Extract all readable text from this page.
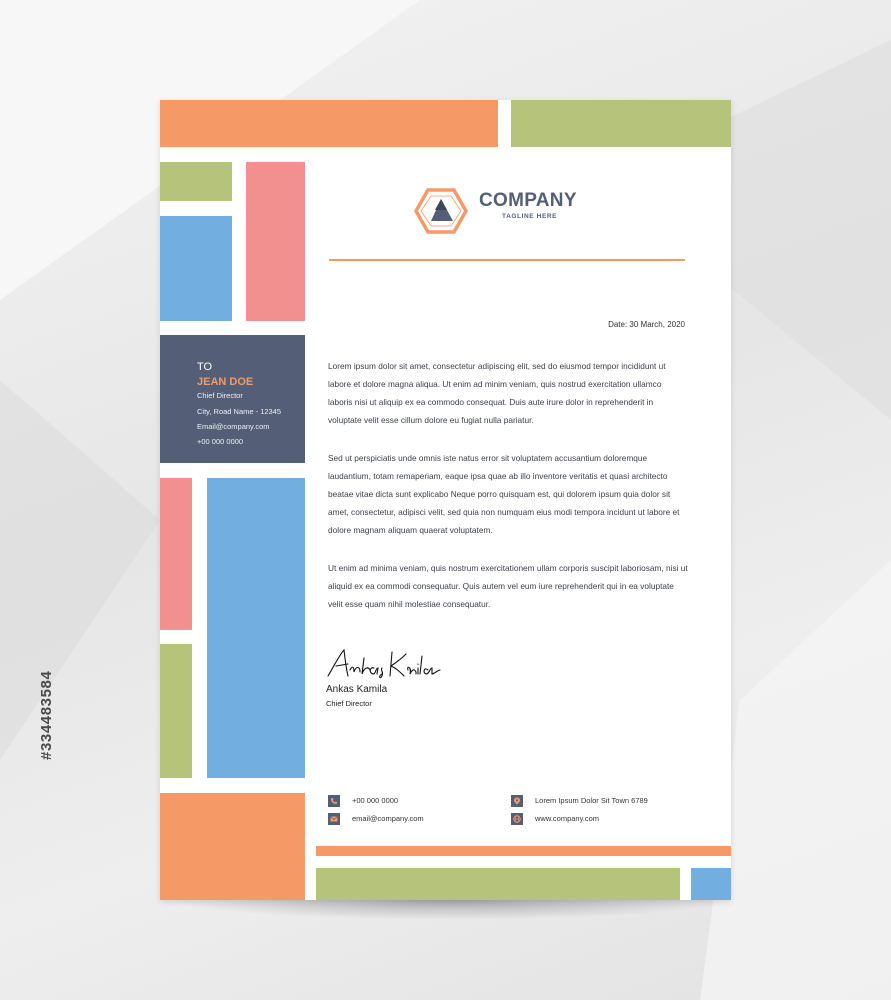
TO
JEAN DOE
Chief Director
City, Road Name - 12345
Email@company.com
+00 000 0000
COMPANY
TAGLINE HERE
Date: 30 March, 2020

Lorem ipsum dolor sit amet, consectetur adipiscing elit, sed do eiusmod tempor incididunt ut labore et dolore magna aliqua. Ut enim ad minim veniam, quis nostrud exercitation ullamco laboris nisi ut aliquip ex ea commodo consequat. Duis aute irure dolor in reprehenderit in voluptate velit esse cillum dolore eu fugiat nulla pariatur.

Sed ut perspiciatis unde omnis iste natus error sit voluptatem accusantium doloremque laudantium, totam remaperiam, eaque ipsa quae ab illo inventore veritatis et quasi architecto beatae vitae dicta sunt explicabo Neque porro quisquam est, qui dolorem ipsum quia dolor sit amet, consectetur, adipisci velit, sed quia non numquam eius modi tempora incidunt ut labore et dolore magnam aliquam quaerat voluptatem.

Ut enim ad minima veniam, quis nostrum exercitationem ullam corporis suscipit laboriosam, nisi ut aliquid ex ea commodi consequatur. Quis autem vel eum iure reprehenderit qui in ea voluptate velit esse quam nihil molestiae consequatur.

Ankas Kamila
Chief Director
+00 000 0000
email@company.com
Lorem Ipsum Dolor Sit Town 6789
www.company.com
#334483584
